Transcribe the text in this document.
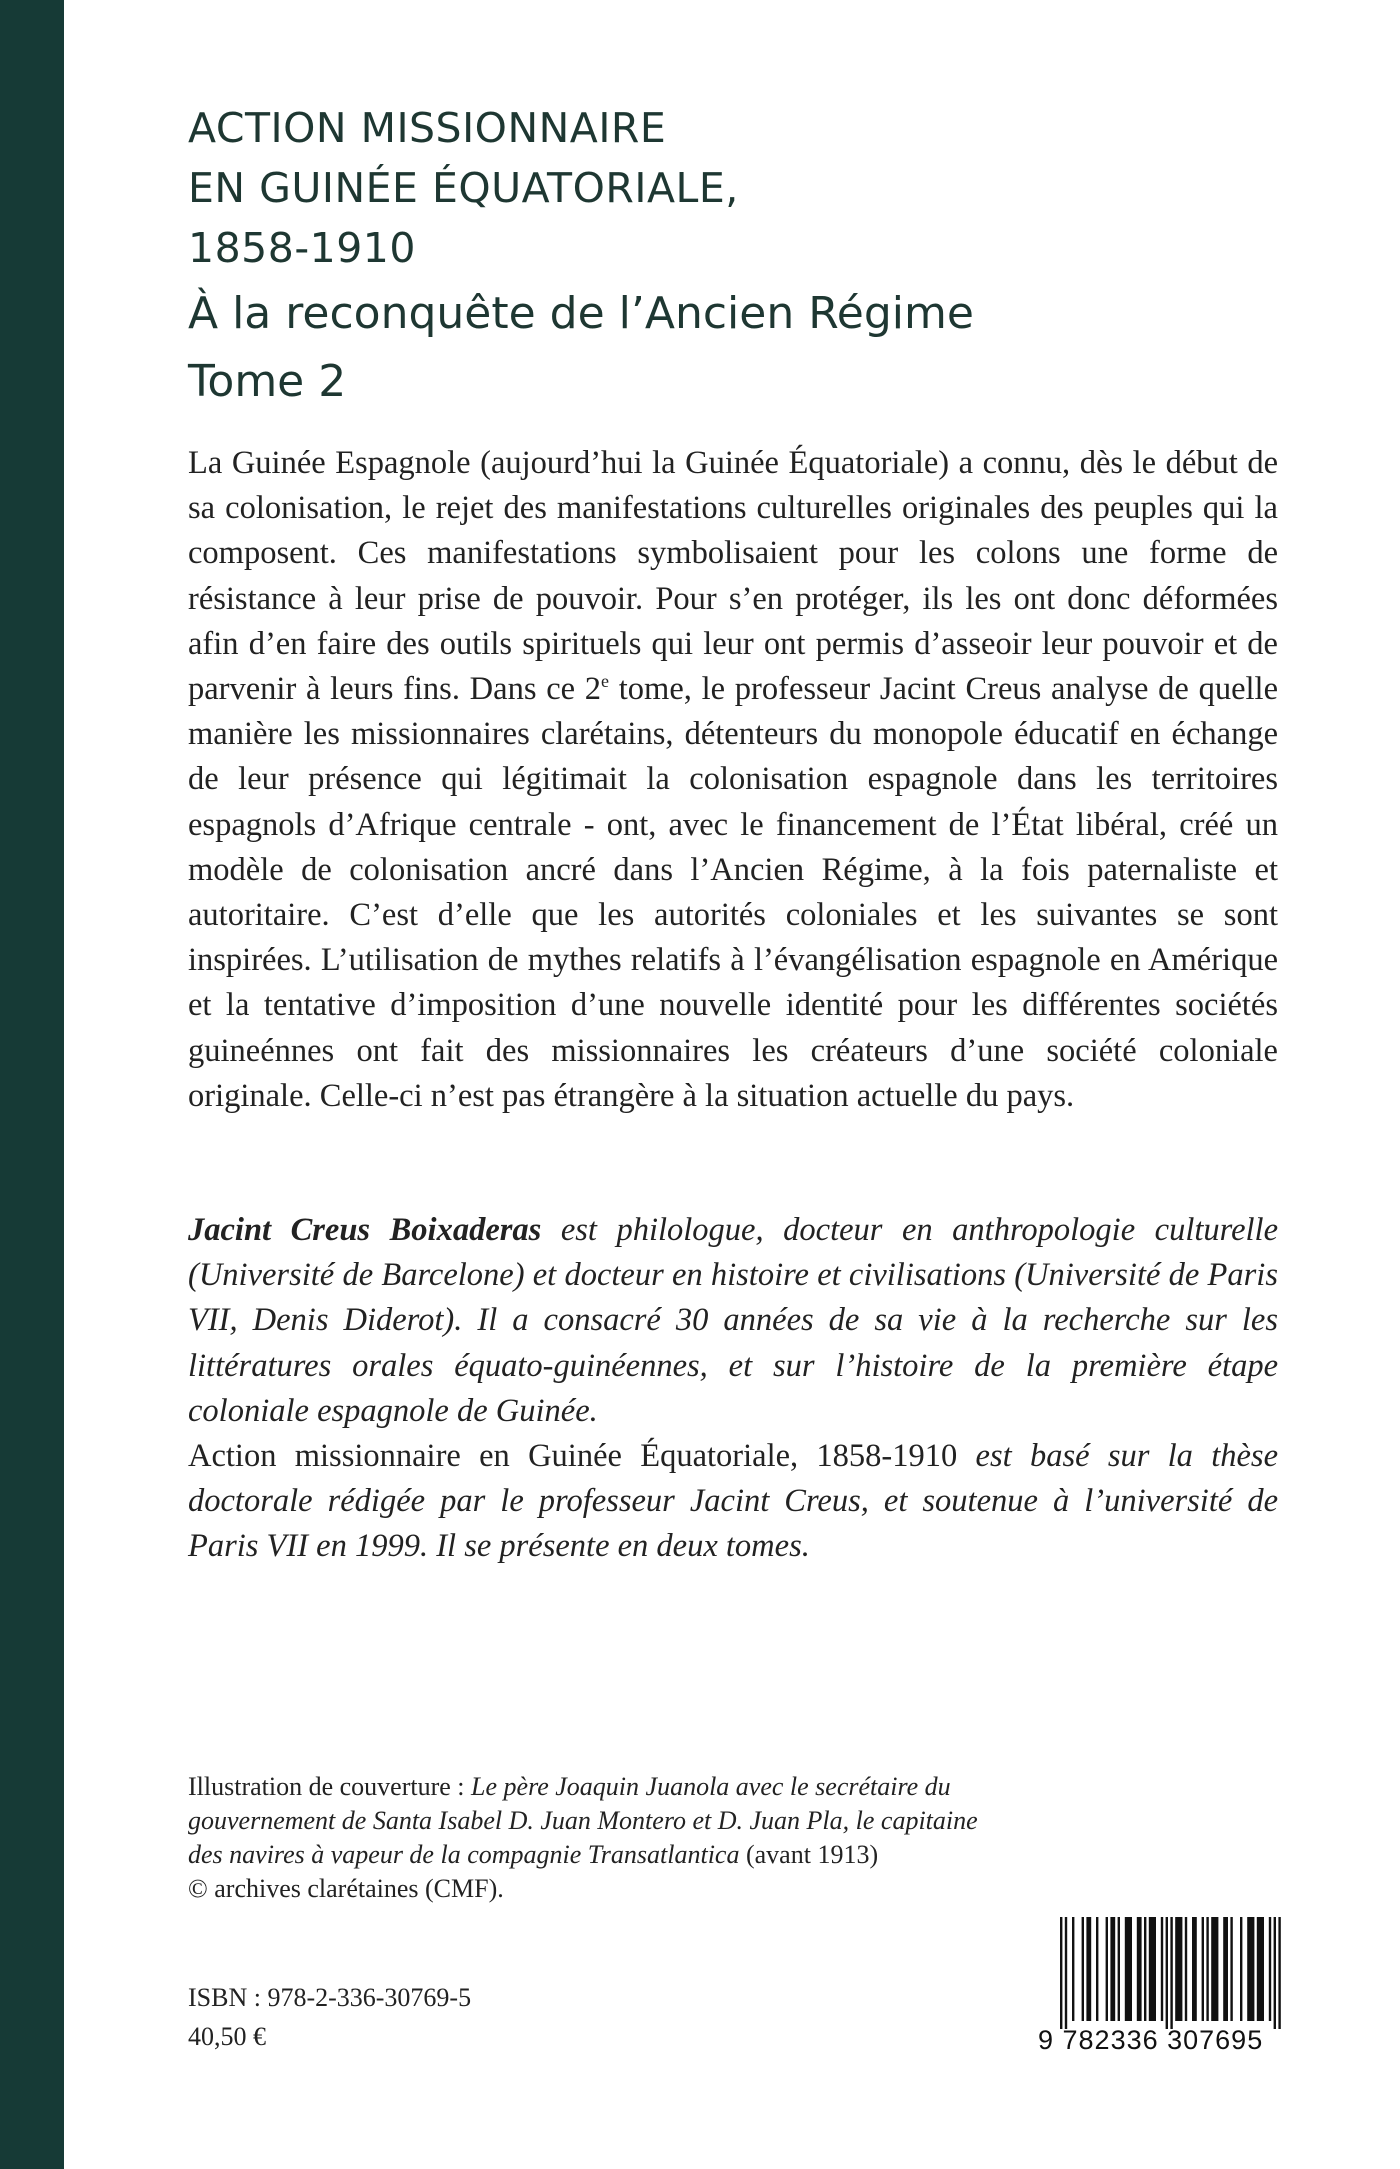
ACTION MISSIONNAIRE
EN GUINÉE ÉQUATORIALE,
1858-1910
À la reconquête de l’Ancien Régime
Tome 2
La Guinée Espagnole (aujourd’hui la Guinée Équatoriale) a connu, dès le début de sa colonisation, le rejet des manifestations culturelles originales des peuples qui la composent. Ces manifestations symbolisaient pour les colons une forme de résistance à leur prise de pouvoir. Pour s’en protéger, ils les ont donc déformées afin d’en faire des outils spirituels qui leur ont permis d’asseoir leur pouvoir et de parvenir à leurs fins. Dans ce 2e tome, le professeur Jacint Creus analyse de quelle manière les missionnaires clarétains, détenteurs du monopole éducatif en échange de leur présence qui légitimait la colonisation espagnole dans les territoires espagnols d’Afrique centrale - ont, avec le financement de l’État libéral, créé un modèle de colonisation ancré dans l’Ancien Régime, à la fois paternaliste et autoritaire. C’est d’elle que les autorités coloniales et les suivantes se sont inspirées. L’utilisation de mythes relatifs à l’évangélisation espagnole en Amérique et la tentative d’imposition d’une nouvelle identité pour les différentes sociétés guineénnes ont fait des missionnaires les créateurs d’une société coloniale originale. Celle-ci n’est pas étrangère à la situation actuelle du pays.

Jacint Creus Boixaderas est philologue, docteur en anthropologie culturelle (Université de Barcelone) et docteur en histoire et civilisations (Université de Paris VII, Denis Diderot). Il a consacré 30 années de sa vie à la recherche sur les littératures orales équato-guinéennes, et sur l’histoire de la première étape coloniale espagnole de Guinée.

Action missionnaire en Guinée Équatoriale, 1858-1910 est basé sur la thèse doctorale rédigée par le professeur Jacint Creus, et soutenue à l’université de Paris VII en 1999. Il se présente en deux tomes.

Illustration de couverture : Le père Joaquin Juanola avec le secrétaire du gouvernement de Santa Isabel D. Juan Montero et D. Juan Pla, le capitaine des navires à vapeur de la compagnie Transatlantica (avant 1913)
© archives clarétaines (CMF).
ISBN : 978-2-336-30769-5
40,50 €	9 782336 307695
